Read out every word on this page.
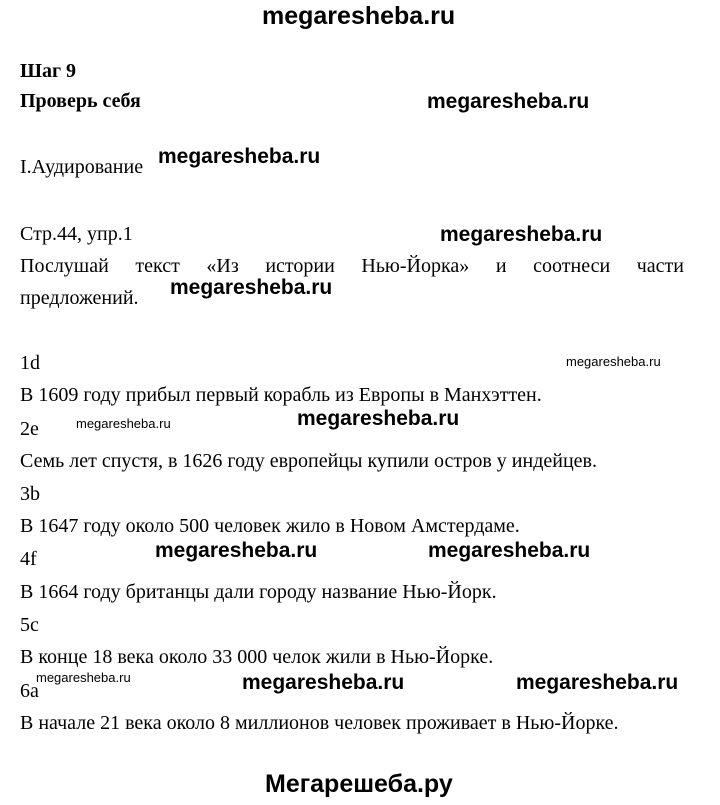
megaresheba.ru
Шаг 9
Проверь себя	megaresheba.ru
I.Аудирование megaresheba.ru
Стр.44, упр.1	megaresheba.ru
Послушай текст «Из истории Нью-Йорка» и соотнеси части
предложений. megaresheba.ru
1d	megaresheba.ru
В 1609 году прибыл первый корабль из Европы в Манхэттен.
2e	megaresheba.ru	megaresheba.ru
Семь лет спустя, в 1626 году европейцы купили остров у индейцев.
3b
В 1647 году около 500 человек жило в Новом Амстердаме.
4f	megaresheba.ru	megaresheba.ru
В 1664 году британцы дали городу название Нью-Йорк.
5c
В конце 18 века около 33 000 челок жили в Нью-Йорке.
6a
megaresheba.ru	megaresheba.ru	megaresheba.ru
В начале 21 века около 8 миллионов человек проживает в Нью-Йорке.
Мегарешеба.ру
